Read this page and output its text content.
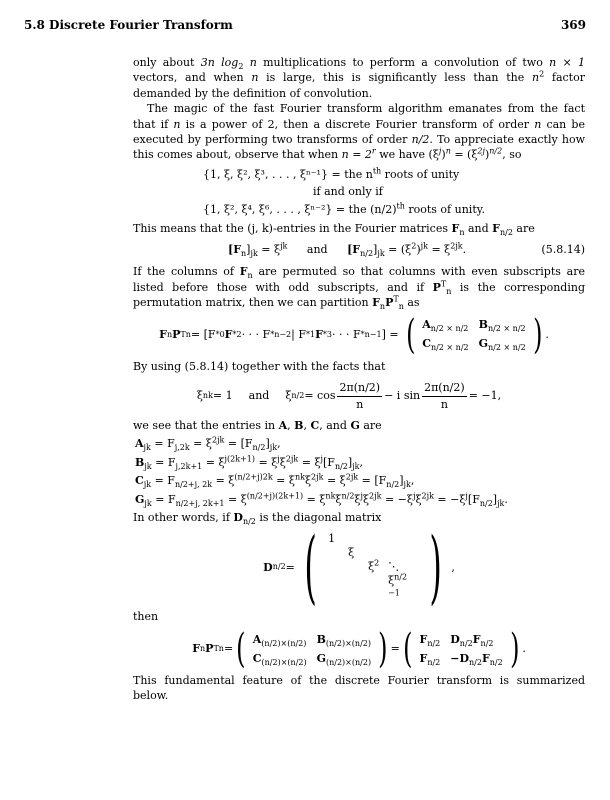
5.8 Discrete Fourier Transform	369

only about 3n $\log_2 n$ multiplications to perform a convolution of two n × 1 vectors, and when n is large, this is significantly less than the $n^2$ factor demanded by the definition of convolution.

The magic of the fast Fourier transform algorithm emanates from the fact that if n is a power of 2, then a discrete Fourier transform of order n can be executed by performing two transforms of order n/2. To appreciate exactly how this comes about, observe that when $n = 2^r$ we have $(\xi^j)^n = (\xi^{2j})^{n/2}$, so

{1, ξ, ξ², ξ³, . . . , ξⁿ⁻¹} = the $n^{th}$ roots of unity
if and only if
{1, ξ², ξ⁴, ξ⁶, . . . , ξⁿ⁻²} = the $(n/2)^{th}$ roots of unity.

This means that the (j, k)-entries in the Fourier matrices $F_n$ and $F_{n/2}$ are

$[F_n]_{jk} = \xi^{jk}$ and $[F_{n/2}]_{jk} = (\xi^2)^{jk} = \xi^{2jk}$.	(5.8.14)

If the columns of $F_n$ are permuted so that columns with even subscripts are listed before those with odd subscripts, and if $P^T_n$ is the corresponding permutation matrix, then we can partition $F_nP^T_n$ as

F n P T n = [F *0 F *2 · · · F *n−2 | F *1 F *3 · · · F *n−1 ] = ( $A_{n/2 \times n/2}$ $B_{n/2 \times n/2}$
$C_{n/2 \times n/2}$ $G_{n/2 \times n/2}$ ) .

By using (5.8.14) together with the facts that

ξ nk = 1 and ξ n/2 = cos
2π(n/2)
n
− i $\sin \frac{2\pi(n/2)}{n} = -1$,

we see that the entries in A, B, C, and G are

$A_{jk} = F_{j,2k} = \xi^{2jk} = [F_{n/2}]_{jk}$,
$B_{jk} = F_{j,2k+1} = \xi^{j(2k+1)} = \xi^j\xi^{2jk} = \xi^j[F_{n/2}]_{jk}$,
$C_{jk} = F_{n/2+j, 2k} = \xi^{(n/2+j)2k} = \xi^{nk}\xi^{2jk} = \xi^{2jk} = [F_{n/2}]_{jk}$,
$G_{jk} = F_{n/2+j, 2k+1} = \xi^{(n/2+j)(2k+1)} = \xi^{nk}\xi^{n/2}\xi^j\xi^{2jk} = -\xi^j\xi^{2jk} = -\xi^j[F_{n/2}]_{jk}$.

In other words, if $D_{n/2}$ is the diagonal matrix

D n/2 = ( 1
ξ
$\xi^2$ ⋱
$\xi^{n/2 -1}$ ) ,

then

F n P T n = ( $A_{(n/2)\times(n/2)}$ $B_{(n/2)\times(n/2)}$
$C_{(n/2)\times(n/2)}$ $G_{(n/2)\times(n/2)}$ ) = ( $F_{n/2}$ $D_{n/2}F_{n/2}$
$F_{n/2} -D_{n/2}F_{n/2}$ ) .

This fundamental feature of the discrete Fourier transform is summarized below.
